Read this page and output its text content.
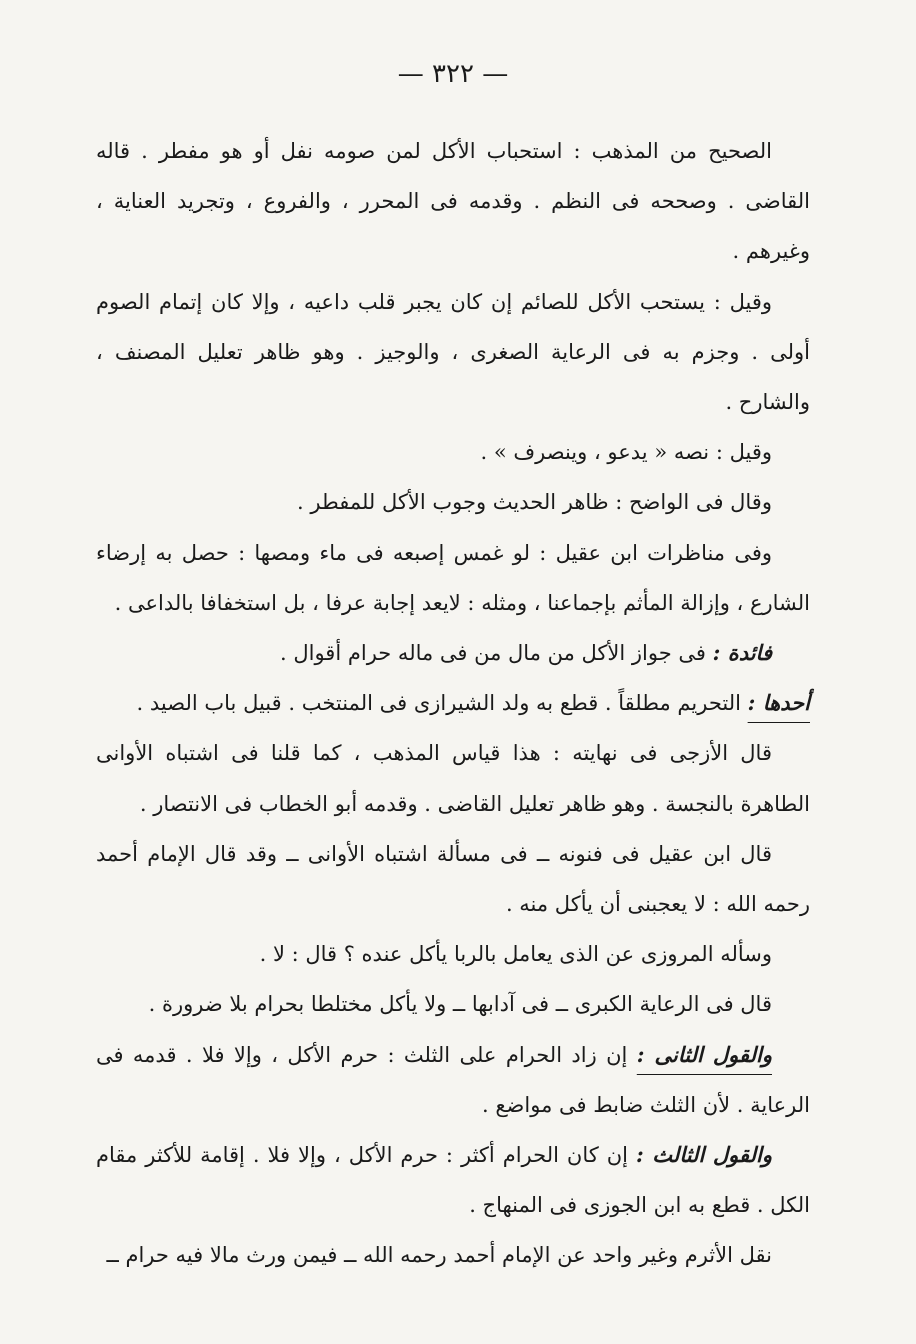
— ٣٢٢ —

الصحيح من المذهب : استحباب الأكل لمن صومه نفل أو هو مفطر . قاله القاضى . وصححه فى النظم . وقدمه فى المحرر ، والفروع ، وتجريد العناية ، وغيرهم .

وقيل : يستحب الأكل للصائم إن كان يجبر قلب داعيه ، وإلا كان إتمام الصوم أولى . وجزم به فى الرعاية الصغرى ، والوجيز . وهو ظاهر تعليل المصنف ، والشارح .

وقيل : نصه « يدعو ، وينصرف » .

وقال فى الواضح : ظاهر الحديث وجوب الأكل للمفطر .

وفى مناظرات ابن عقيل : لو غمس إصبعه فى ماء ومصها : حصل به إرضاء الشارع ، وإزالة المأثم بإجماعنا ، ومثله : لايعد إجابة عرفا ، بل استخفافا بالداعى .

فائدة : فى جواز الأكل من مال من فى ماله حرام أقوال .

أحدها : التحريم مطلقاً . قطع به ولد الشيرازى فى المنتخب . قبيل باب الصيد .

قال الأزجى فى نهايته : هذا قياس المذهب ، كما قلنا فى اشتباه الأوانى الطاهرة بالنجسة . وهو ظاهر تعليل القاضى . وقدمه أبو الخطاب فى الانتصار .

قال ابن عقيل فى فنونه ــ فى مسألة اشتباه الأوانى ــ وقد قال الإمام أحمد رحمه الله : لا يعجبنى أن يأكل منه .

وسأله المروزى عن الذى يعامل بالربا يأكل عنده ؟ قال : لا .

قال فى الرعاية الكبرى ــ فى آدابها ــ ولا يأكل مختلطا بحرام بلا ضرورة .

والقول الثانى : إن زاد الحرام على الثلث : حرم الأكل ، وإلا فلا . قدمه فى الرعاية . لأن الثلث ضابط فى مواضع .

والقول الثالث : إن كان الحرام أكثر : حرم الأكل ، وإلا فلا . إقامة للأكثر مقام الكل . قطع به ابن الجوزى فى المنهاج .

نقل الأثرم وغير واحد عن الإمام أحمد رحمه الله ــ فيمن ورث مالا فيه حرام ــ
